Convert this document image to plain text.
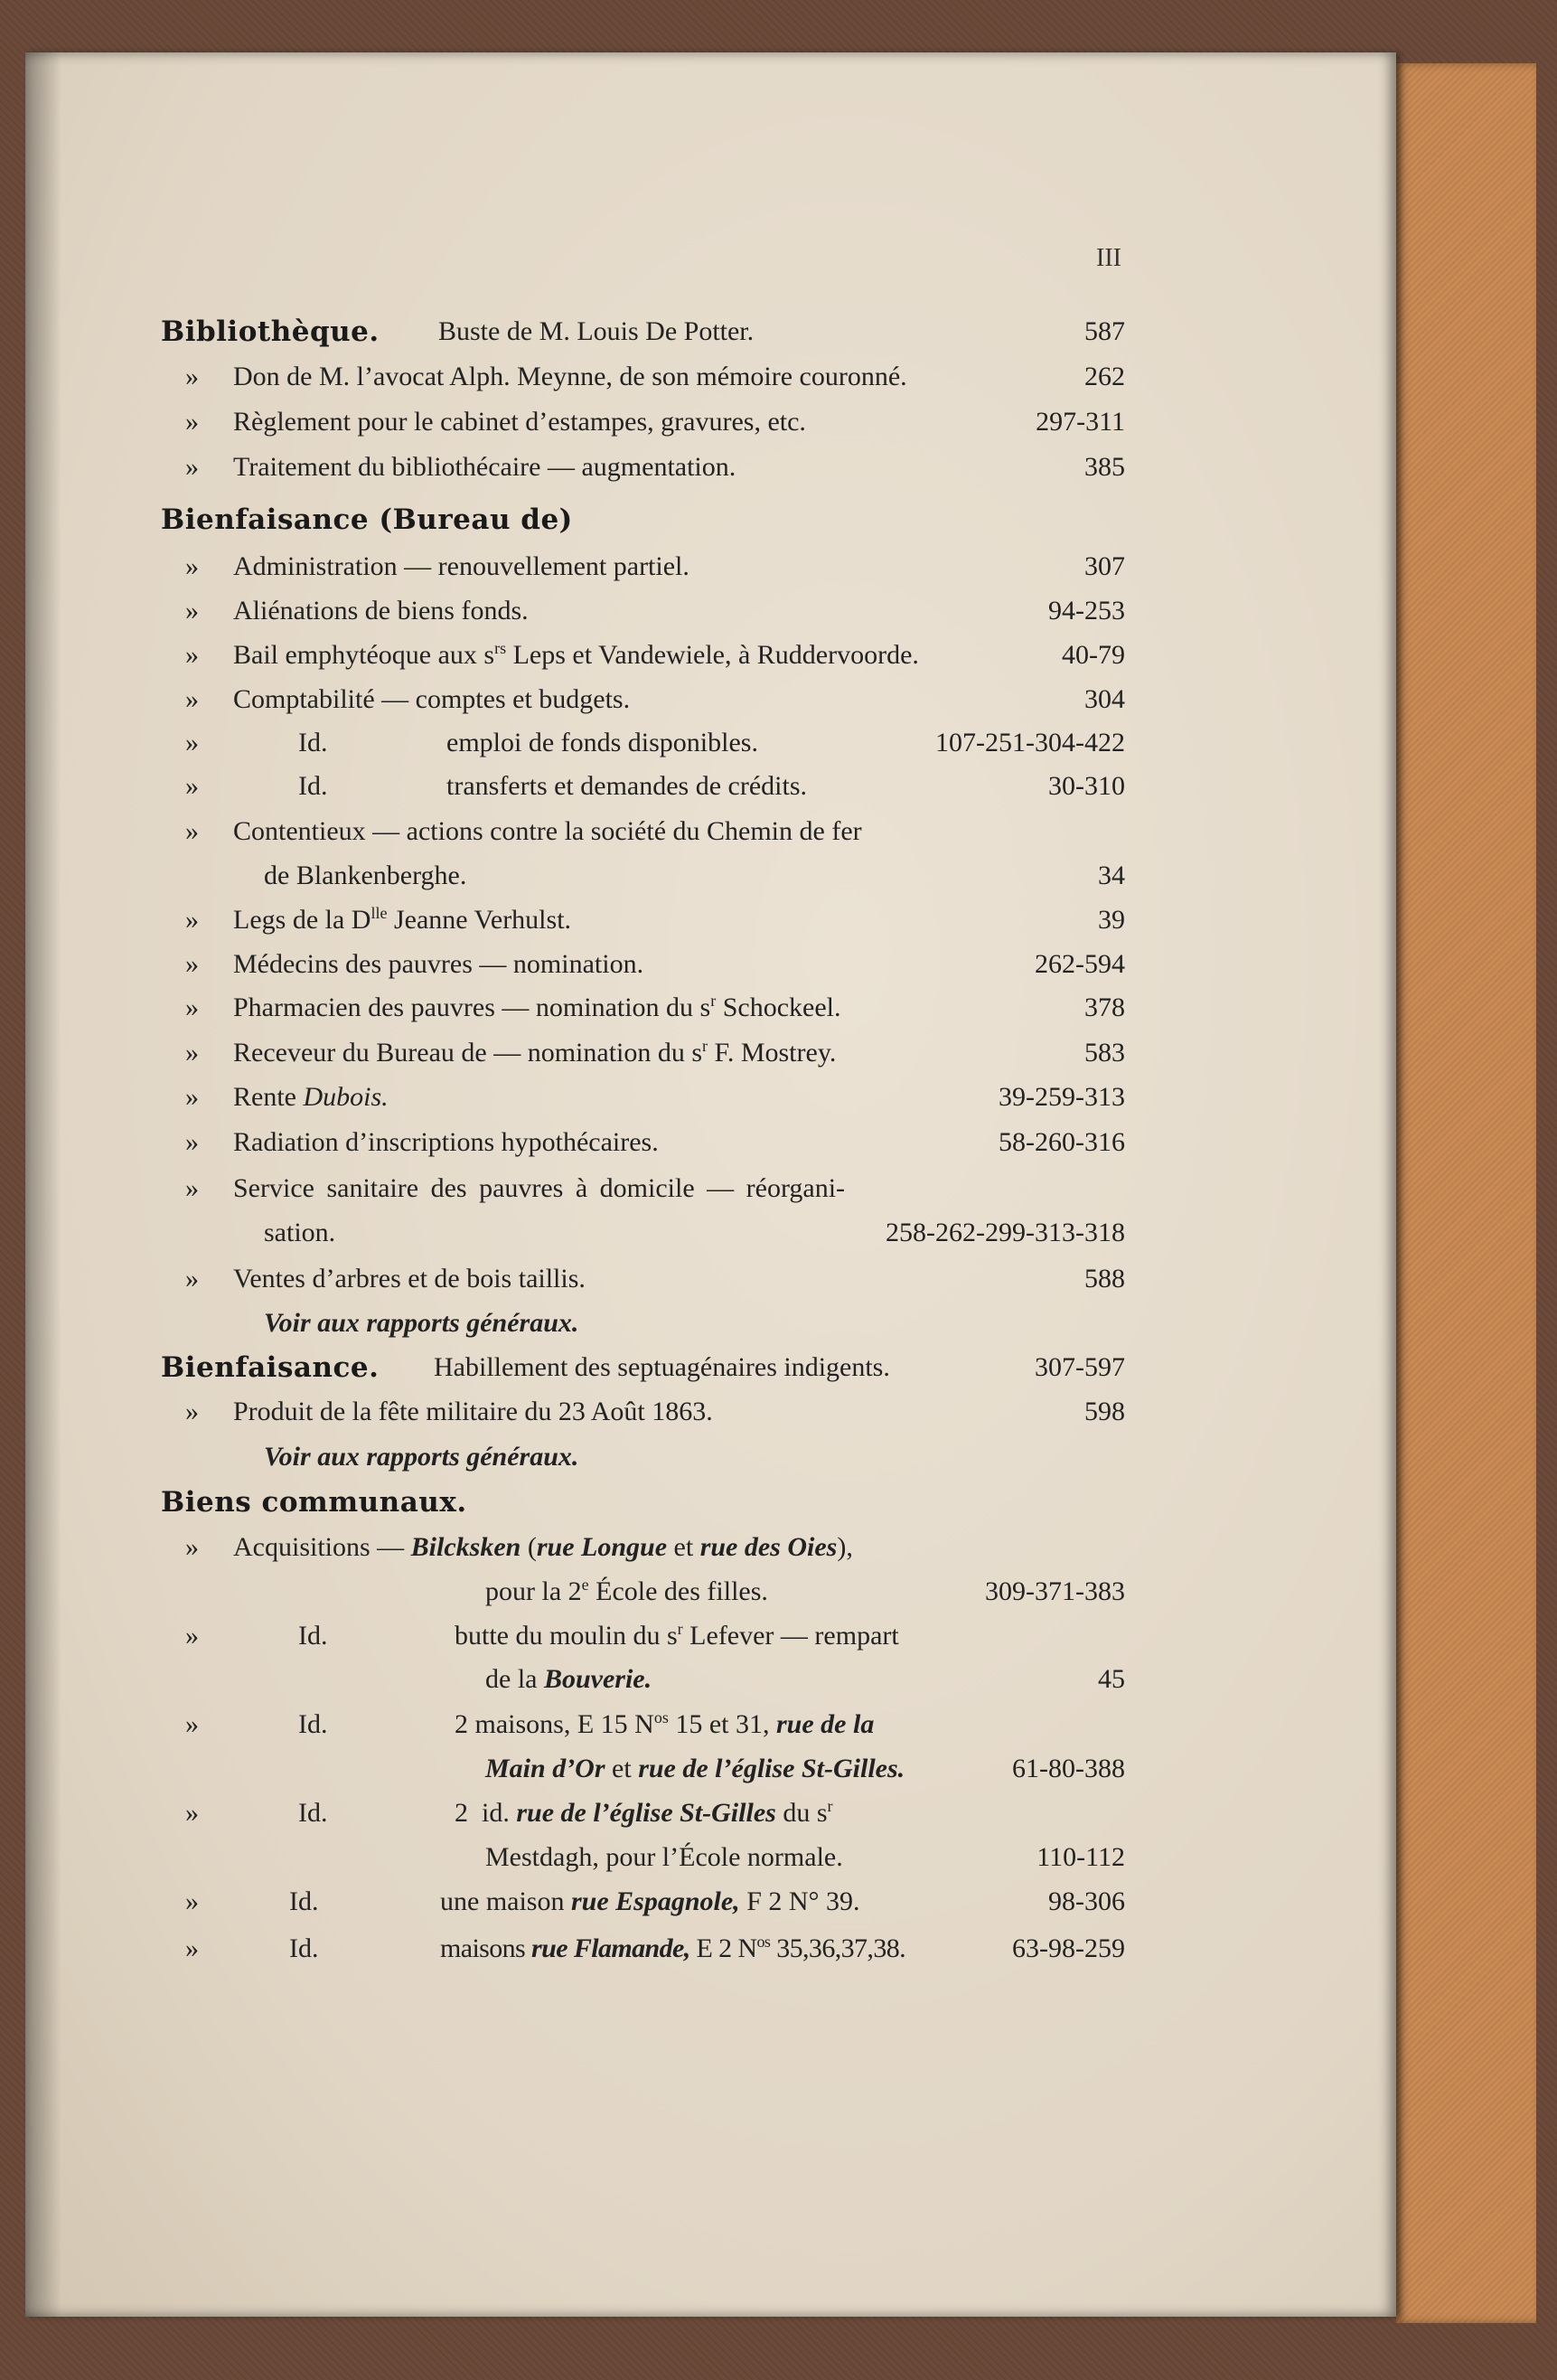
III
Bibliothèque. Buste de M. Louis De Potter.	587
» Don de M. l’avocat Alph. Meynne, de son mémoire couronné.	262
» Règlement pour le cabinet d’estampes, gravures, etc.	297-311
» Traitement du bibliothécaire — augmentation.	385
Bienfaisance (Bureau de)
» Administration — renouvellement partiel.	307
» Aliénations de biens fonds.	94-253
» Bail emphytéoque aux $s^{rs}$ Leps et Vandewiele, à Ruddervoorde.	40-79
» Comptabilité — comptes et budgets.	304
»	Id.	emploi de fonds disponibles.	107-251-304-422
»	Id.	transferts et demandes de crédits.	30-310
» Contentieux — actions contre la société du Chemin de fer
de Blankenberghe.	34
» Legs de la $D^{lle}$ Jeanne Verhulst.	39
» Médecins des pauvres — nomination.	262-594
» Pharmacien des pauvres — nomination du $s^r$ Schockeel.	378
» Receveur du Bureau de — nomination du $s^r$ F. Mostrey.	583
» Rente Dubois.	39-259-313
» Radiation d’inscriptions hypothécaires.	58-260-316
» Service sanitaire des pauvres à domicile — réorgani-
sation.	258-262-299-313-318
» Ventes d’arbres et de bois taillis.	588
Voir aux rapports généraux.
Bienfaisance. Habillement des septuagénaires indigents.	307-597
» Produit de la fête militaire du 23 Août 1863.	598
Voir aux rapports généraux.
Biens communaux.
» Acquisitions — Bilcksken (rue Longue et rue des Oies),
pour la 2e École des filles.	309-371-383
»	Id.	butte du moulin du $s^r$ Lefever — rempart
de la Bouverie.	45
»	Id.	2 maisons, E 15 $N^{os}$ 15 et 31, rue de la
Main d’Or et rue de l’église St-Gilles.	61-80-388
»	Id.	2  id. rue de l’église St-Gilles du $s^r$
Mestdagh, pour l’École normale.	110-112
»	Id.	une maison rue Espagnole, F 2 N° 39.	98-306
»	Id.	maisons rue Flamande, E 2 $N^{os}$ 35,36,37,38.	63-98-259
